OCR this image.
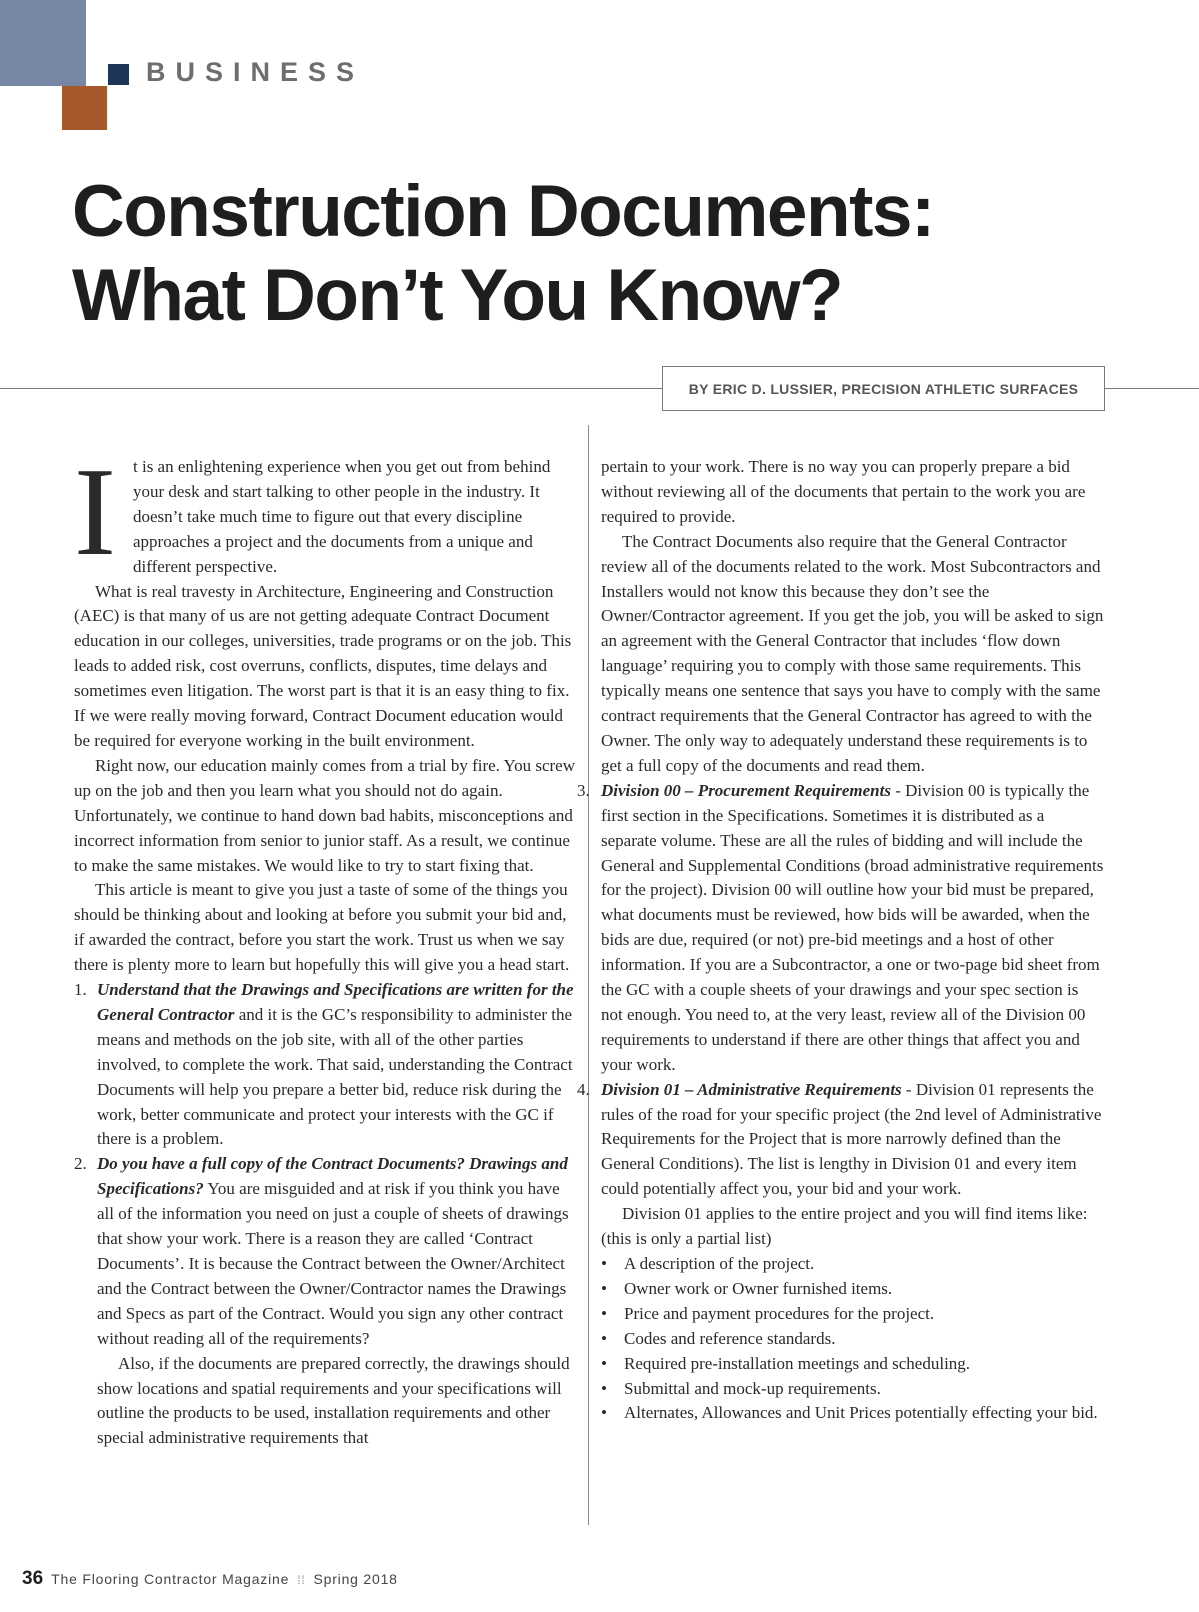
BUSINESS
Construction Documents:
What Don’t You Know?
BY ERIC D. LUSSIER, PRECISION ATHLETIC SURFACES
I t is an enlightening experience when you get out from behind your desk and start talking to other people in the industry. It doesn’t take much time to figure out that every discipline approaches a project and the documents from a unique and different perspective.

What is real travesty in Architecture, Engineering and Construction (AEC) is that many of us are not getting adequate Contract Document education in our colleges, universities, trade programs or on the job. This leads to added risk, cost overruns, conflicts, disputes, time delays and sometimes even litigation. The worst part is that it is an easy thing to fix. If we were really moving forward, Contract Document education would be required for everyone working in the built environment.

Right now, our education mainly comes from a trial by fire. You screw up on the job and then you learn what you should not do again. Unfortunately, we continue to hand down bad habits, misconceptions and incorrect information from senior to junior staff. As a result, we continue to make the same mistakes. We would like to try to start fixing that.

This article is meant to give you just a taste of some of the things you should be thinking about and looking at before you submit your bid and, if awarded the contract, before you start the work. Trust us when we say there is plenty more to learn but hopefully this will give you a head start.

1. Understand that the Drawings and Specifications are written for the General Contractor and it is the GC’s responsibility to administer the means and methods on the job site, with all of the other parties involved, to complete the work. That said, understanding the Contract Documents will help you prepare a better bid, reduce risk during the work, better communicate and protect your interests with the GC if there is a problem.
2. Do you have a full copy of the Contract Documents? Drawings and Specifications? You are misguided and at risk if you think you have all of the information you need on just a couple of sheets of drawings that show your work. There is a reason they are called ‘Contract Documents’. It is because the Contract between the Owner/Architect and the Contract between the Owner/Contractor names the Drawings and Specs as part of the Contract. Would you sign any other contract without reading all of the requirements?

Also, if the documents are prepared correctly, the drawings should show locations and spatial requirements and your specifications will outline the products to be used, installation requirements and other special administrative requirements that

pertain to your work. There is no way you can properly prepare a bid without reviewing all of the documents that pertain to the work you are required to provide.

The Contract Documents also require that the General Contractor review all of the documents related to the work. Most Subcontractors and Installers would not know this because they don’t see the Owner/Contractor agreement. If you get the job, you will be asked to sign an agreement with the General Contractor that includes ‘flow down language’ requiring you to comply with those same requirements. This typically means one sentence that says you have to comply with the same contract requirements that the General Contractor has agreed to with the Owner. The only way to adequately understand these requirements is to get a full copy of the documents and read them.

3. Division 00 – Procurement Requirements - Division 00 is typically the first section in the Specifications. Sometimes it is distributed as a separate volume. These are all the rules of bidding and will include the General and Supplemental Conditions (broad administrative requirements for the project). Division 00 will outline how your bid must be prepared, what documents must be reviewed, how bids will be awarded, when the bids are due, required (or not) pre-bid meetings and a host of other information. If you are a Subcontractor, a one or two-page bid sheet from the GC with a couple sheets of your drawings and your spec section is not enough. You need to, at the very least, review all of the Division 00 requirements to understand if there are other things that affect you and your work.
4. Division 01 – Administrative Requirements - Division 01 represents the rules of the road for your specific project (the 2nd level of Administrative Requirements for the Project that is more narrowly defined than the General Conditions). The list is lengthy in Division 01 and every item could potentially affect you, your bid and your work.

Division 01 applies to the entire project and you will find items like: (this is only a partial list)

• A description of the project.
• Owner work or Owner furnished items.
• Price and payment procedures for the project.
• Codes and reference standards.
• Required pre-installation meetings and scheduling.
• Submittal and mock-up requirements.
• Alternates, Allowances and Unit Prices potentially effecting your bid.
36 The Flooring Contractor Magazine ⁞⁞ Spring 2018
